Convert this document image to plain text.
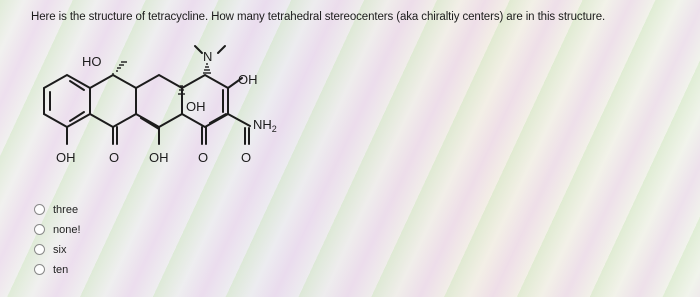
Here is the structure of tetracycline. How many tetrahedral stereocenters (aka chiraltiy centers) are in this structure.
HO	N
OH
OH
$NH_2$
OH	O OH O	O
three
none!
six
ten
